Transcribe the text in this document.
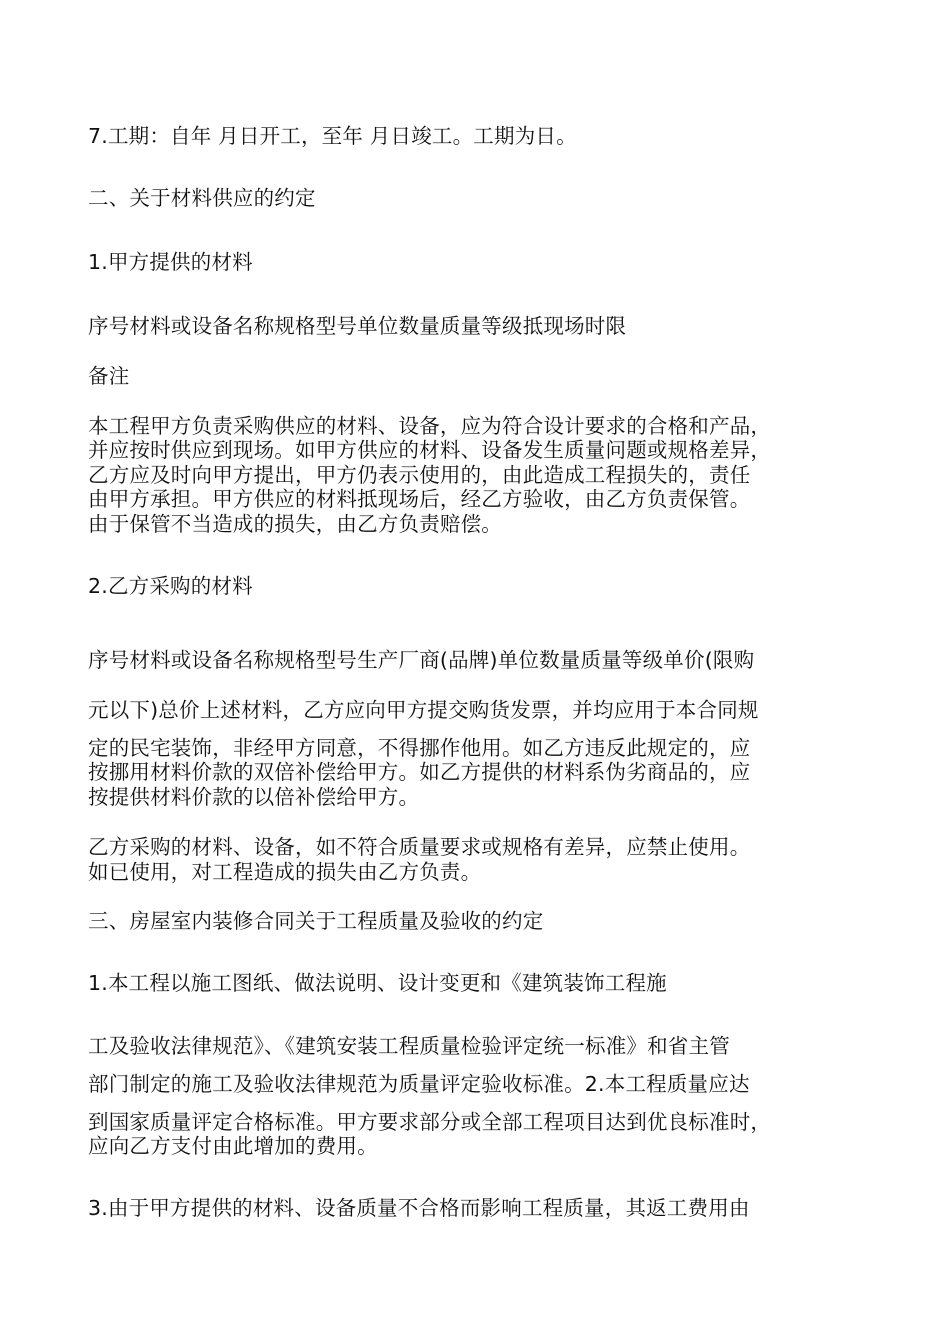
7.工期：自年 月日开工，至年 月日竣工。工期为日。
二、关于材料供应的约定
1.甲方提供的材料
序号材料或设备名称规格型号单位数量质量等级抵现场时限
备注
本工程甲方负责采购供应的材料、设备，应为符合设计要求的合格和产品，
并应按时供应到现场。如甲方供应的材料、设备发生质量问题或规格差异，
乙方应及时向甲方提出，甲方仍表示使用的，由此造成工程损失的，责任
由甲方承担。甲方供应的材料抵现场后，经乙方验收，由乙方负责保管。
由于保管不当造成的损失，由乙方负责赔偿。
2.乙方采购的材料
序号材料或设备名称规格型号生产厂商(品牌)单位数量质量等级单价(限购
元以下)总价上述材料，乙方应向甲方提交购货发票，并均应用于本合同规
定的民宅装饰，非经甲方同意，不得挪作他用。如乙方违反此规定的，应
按挪用材料价款的双倍补偿给甲方。如乙方提供的材料系伪劣商品的，应
按提供材料价款的以倍补偿给甲方。
乙方采购的材料、设备，如不符合质量要求或规格有差异，应禁止使用。
如已使用，对工程造成的损失由乙方负责。
三、房屋室内装修合同关于工程质量及验收的约定
1.本工程以施工图纸、做法说明、设计变更和《建筑装饰工程施
工及验收法律规范》、《建筑安装工程质量检验评定统一标准》和省主管
部门制定的施工及验收法律规范为质量评定验收标准。2.本工程质量应达
到国家质量评定合格标准。甲方要求部分或全部工程项目达到优良标准时，
应向乙方支付由此增加的费用。
3.由于甲方提供的材料、设备质量不合格而影响工程质量，其返工费用由
